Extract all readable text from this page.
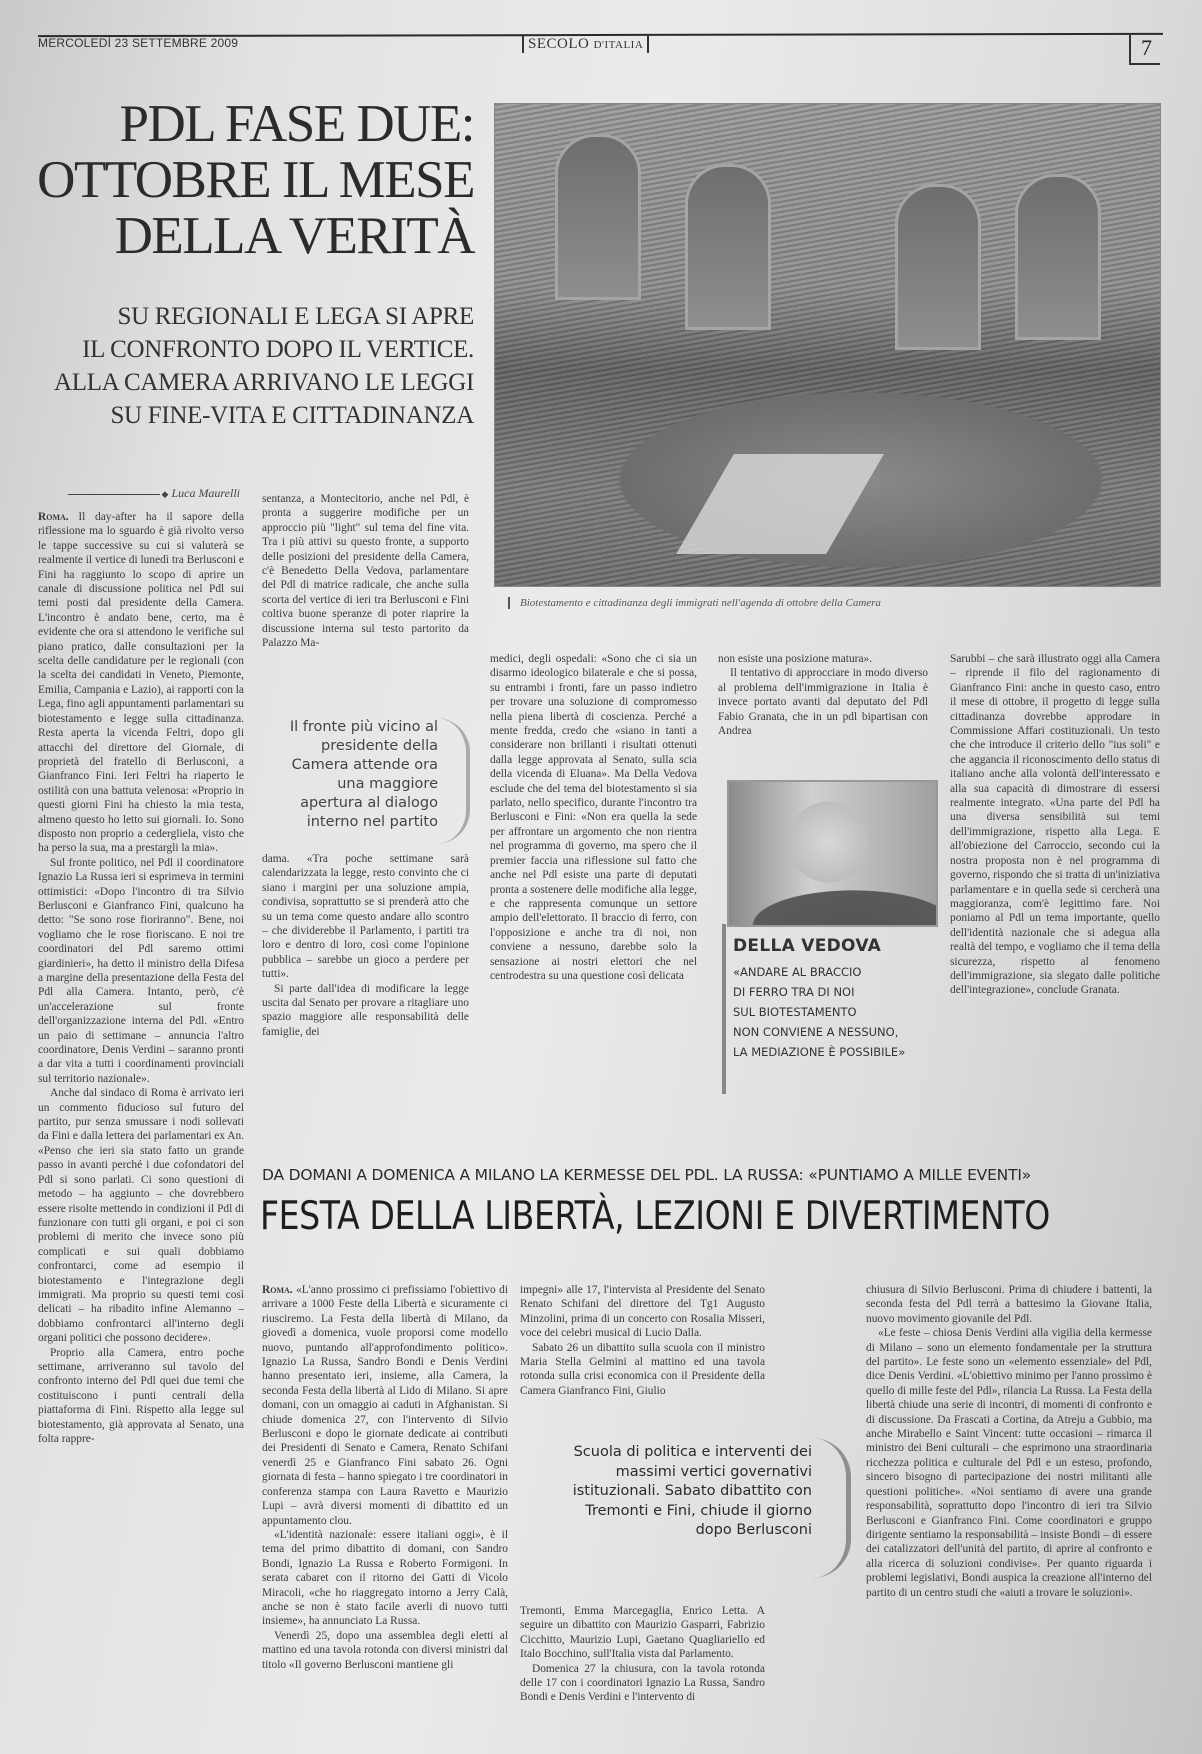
MERCOLEDÌ 23 SETTEMBRE 2009	SECOLO D'ITALIA	7
PDL FASE DUE:
OTTOBRE IL MESE
DELLA VERITÀ
SU REGIONALI E LEGA SI APRE
IL CONFRONTO DOPO IL VERTICE.
ALLA CAMERA ARRIVANO LE LEGGI
SU FINE-VITA E CITTADINANZA
◆ Luca Maurelli
Biotestamento e cittadinanza degli immigrati nell'agenda di ottobre della Camera

Roma. Il day-after ha il sapore della riflessione ma lo sguardo è già rivolto verso le tappe successive su cui si valuterà se realmente il vertice di lunedì tra Berlusconi e Fini ha raggiunto lo scopo di aprire un canale di discussione politica nel Pdl sui temi posti dal presidente della Camera. L'incontro è andato bene, certo, ma è evidente che ora si attendono le verifiche sul piano pratico, dalle consultazioni per la scelta delle candidature per le regionali (con la scelta dei candidati in Veneto, Piemonte, Emilia, Campania e Lazio), ai rapporti con la Lega, fino agli appuntamenti parlamentari su biotestamento e legge sulla cittadinanza. Resta aperta la vicenda Feltri, dopo gli attacchi del direttore del Giornale, di proprietà del fratello di Berlusconi, a Gianfranco Fini. Ieri Feltri ha riaperto le ostilità con una battuta velenosa: «Proprio in questi giorni Fini ha chiesto la mia testa, almeno questo ho letto sui giornali. Io. Sono disposto non proprio a cedergliela, visto che ha perso la sua, ma a prestargli la mia».

Sul fronte politico, nel Pdl il coordinatore Ignazio La Russa ieri si esprimeva in termini ottimistici: «Dopo l'incontro di tra Silvio Berlusconi e Gianfranco Fini, qualcuno ha detto: "Se sono rose fioriranno". Bene, noi vogliamo che le rose fioriscano. E noi tre coordinatori del Pdl saremo ottimi giardinieri», ha detto il ministro della Difesa a margine della presentazione della Festa del Pdl alla Camera. Intanto, però, c'è un'accelerazione sul fronte dell'organizzazione interna del Pdl. «Entro un paio di settimane – annuncia l'altro coordinatore, Denis Verdini – saranno pronti a dar vita a tutti i coordinamenti provinciali sul territorio nazionale».

Anche dal sindaco di Roma è arrivato ieri un commento fiducioso sul futuro del partito, pur senza smussare i nodi sollevati da Fini e dalla lettera dei parlamentari ex An. «Penso che ieri sia stato fatto un grande passo in avanti perché i due cofondatori del Pdl si sono parlati. Ci sono questioni di metodo – ha aggiunto – che dovrebbero essere risolte mettendo in condizioni il Pdl di funzionare con tutti gli organi, e poi ci son problemi di merito che invece sono più complicati e sui quali dobbiamo confrontarci, come ad esempio il biotestamento e l'integrazione degli immigrati. Ma proprio su questi temi così delicati – ha ribadito infine Alemanno – dobbiamo confrontarci all'interno degli organi politici che possono decidere».

Proprio alla Camera, entro poche settimane, arriveranno sul tavolo del confronto interno del Pdl quei due temi che costituiscono i punti centrali della piattaforma di Fini. Rispetto alla legge sul biotestamento, già approvata al Senato, una folta rappre-

sentanza, a Montecitorio, anche nel Pdl, è pronta a suggerire modifiche per un approccio più "light" sul tema del fine vita. Tra i più attivi su questo fronte, a supporto delle posizioni del presidente della Camera, c'è Benedetto Della Vedova, parlamentare del Pdl di matrice radicale, che anche sulla scorta del vertice di ieri tra Berlusconi e Fini coltiva buone speranze di poter riaprire la discussione interna sul testo partorito da Palazzo Ma-

Il fronte più vicino al presidente della Camera attende ora una maggiore apertura al dialogo interno nel partito

dama. «Tra poche settimane sarà calendarizzata la legge, resto convinto che ci siano i margini per una soluzione ampia, condivisa, soprattutto se si prenderà atto che su un tema come questo andare allo scontro – che dividerebbe il Parlamento, i partiti tra loro e dentro di loro, così come l'opinione pubblica – sarebbe un gioco a perdere per tutti».

Si parte dall'idea di modificare la legge uscita dal Senato per provare a ritagliare uno spazio maggiore alle responsabilità delle famiglie, dei

medici, degli ospedali: «Sono che ci sia un disarmo ideologico bilaterale e che si possa, su entrambi i fronti, fare un passo indietro per trovare una soluzione di compromesso nella piena libertà di coscienza. Perché a mente fredda, credo che «siano in tanti a considerare non brillanti i risultati ottenuti dalla legge approvata al Senato, sulla scia della vicenda di Eluana». Ma Della Vedova esclude che del tema del biotestamento si sia parlato, nello specifico, durante l'incontro tra Berlusconi e Fini: «Non era quella la sede per affrontare un argomento che non rientra nel programma di governo, ma spero che il premier faccia una riflessione sul fatto che anche nel Pdl esiste una parte di deputati pronta a sostenere delle modifiche alla legge, e che rappresenta comunque un settore ampio dell'elettorato. Il braccio di ferro, con l'opposizione e anche tra di noi, non conviene a nessuno, darebbe solo la sensazione ai nostri elettori che nel centrodestra su una questione così delicata

non esiste una posizione matura».

Il tentativo di approcciare in modo diverso al problema dell'immigrazione in Italia è invece portato avanti dal deputato del Pdl Fabio Granata, che in un pdl bipartisan con Andrea

DELLA VEDOVA
«ANDARE AL BRACCIO
DI FERRO TRA DI NOI
SUL BIOTESTAMENTO
NON CONVIENE A NESSUNO,
LA MEDIAZIONE È POSSIBILE»

Sarubbi – che sarà illustrato oggi alla Camera – riprende il filo del ragionamento di Gianfranco Fini: anche in questo caso, entro il mese di ottobre, il progetto di legge sulla cittadinanza dovrebbe approdare in Commissione Affari costituzionali. Un testo che che introduce il criterio dello "ius soli" e che aggancia il riconoscimento dello status di italiano anche alla volontà dell'interessato e alla sua capacità di dimostrare di essersi realmente integrato. «Una parte del Pdl ha una diversa sensibilità sui temi dell'immigrazione, rispetto alla Lega. E all'obiezione del Carroccio, secondo cui la nostra proposta non è nel programma di governo, rispondo che si tratta di un'iniziativa parlamentare e in quella sede si cercherà una maggioranza, com'è legittimo fare. Noi poniamo al Pdl un tema importante, quello dell'identità nazionale che si adegua alla realtà del tempo, e vogliamo che il tema della sicurezza, rispetto al fenomeno dell'immigrazione, sia slegato dalle politiche dell'integrazione», conclude Granata.

DA DOMANI A DOMENICA A MILANO LA KERMESSE DEL PDL. LA RUSSA: «PUNTIAMO A MILLE EVENTI»
FESTA DELLA LIBERTÀ, LEZIONI E DIVERTIMENTO

Roma. «L'anno prossimo ci prefissiamo l'obiettivo di arrivare a 1000 Feste della Libertà e sicuramente ci riusciremo. La Festa della libertà di Milano, da giovedì a domenica, vuole proporsi come modello nuovo, puntando all'approfondimento politico». Ignazio La Russa, Sandro Bondi e Denis Verdini hanno presentato ieri, insieme, alla Camera, la seconda Festa della libertà al Lido di Milano. Si apre domani, con un omaggio ai caduti in Afghanistan. Si chiude domenica 27, con l'intervento di Silvio Berlusconi e dopo le giornate dedicate ai contributi dei Presidenti di Senato e Camera, Renato Schifani venerdì 25 e Gianfranco Fini sabato 26. Ogni giornata di festa – hanno spiegato i tre coordinatori in conferenza stampa con Laura Ravetto e Maurizio Lupi – avrà diversi momenti di dibattito ed un appuntamento clou.

«L'identità nazionale: essere italiani oggi», è il tema del primo dibattito di domani, con Sandro Bondi, Ignazio La Russa e Roberto Formigoni. In serata cabaret con il ritorno dei Gatti di Vicolo Miracoli, «che ho riaggregato intorno a Jerry Calà, anche se non è stato facile averli di nuovo tutti insieme», ha annunciato La Russa.

Venerdì 25, dopo una assemblea degli eletti al mattino ed una tavola rotonda con diversi ministri dal titolo «Il governo Berlusconi mantiene gli

impegni» alle 17, l'intervista al Presidente del Senato Renato Schifani del direttore del Tg1 Augusto Minzolini, prima di un concerto con Rosalia Misseri, voce dei celebri musical di Lucio Dalla.

Sabato 26 un dibattito sulla scuola con il ministro Maria Stella Gelmini al mattino ed una tavola rotonda sulla crisi economica con il Presidente della Camera Gianfranco Fini, Giulio

Scuola di politica e interventi dei massimi vertici governativi istituzionali. Sabato dibattito con Tremonti e Fini, chiude il giorno dopo Berlusconi

Tremonti, Emma Marcegaglia, Enrico Letta. A seguire un dibattito con Maurizio Gasparri, Fabrizio Cicchitto, Maurizio Lupi, Gaetano Quagliariello ed Italo Bocchino, sull'Italia vista dal Parlamento.

Domenica 27 la chiusura, con la tavola rotonda delle 17 con i coordinatori Ignazio La Russa, Sandro Bondi e Denis Verdini e l'intervento di

chiusura di Silvio Berlusconi. Prima di chiudere i battenti, la seconda festa del Pdl terrà a battesimo la Giovane Italia, nuovo movimento giovanile del Pdl.

«Le feste – chiosa Denis Verdini alla vigilia della kermesse di Milano – sono un elemento fondamentale per la struttura del partito». Le feste sono un «elemento essenziale» del Pdl, dice Denis Verdini. «L'obiettivo minimo per l'anno prossimo è quello di mille feste del Pdl», rilancia La Russa. La Festa della libertà chiude una serie di incontri, di momenti di confronto e di discussione. Da Frascati a Cortina, da Atreju a Gubbio, ma anche Mirabello e Saint Vincent: tutte occasioni – rimarca il ministro dei Beni culturali – che esprimono una straordinaria ricchezza politica e culturale del Pdl e un esteso, profondo, sincero bisogno di partecipazione dei nostri militanti alle questioni politiche». «Noi sentiamo di avere una grande responsabilità, soprattutto dopo l'incontro di ieri tra Silvio Berlusconi e Gianfranco Fini. Come coordinatori e gruppo dirigente sentiamo la responsabilità – insiste Bondi – di essere dei catalizzatori dell'unità del partito, di aprire al confronto e alla ricerca di soluzioni condivise». Per quanto riguarda i problemi legislativi, Bondi auspica la creazione all'interno del partito di un centro studi che «aiuti a trovare le soluzioni».
